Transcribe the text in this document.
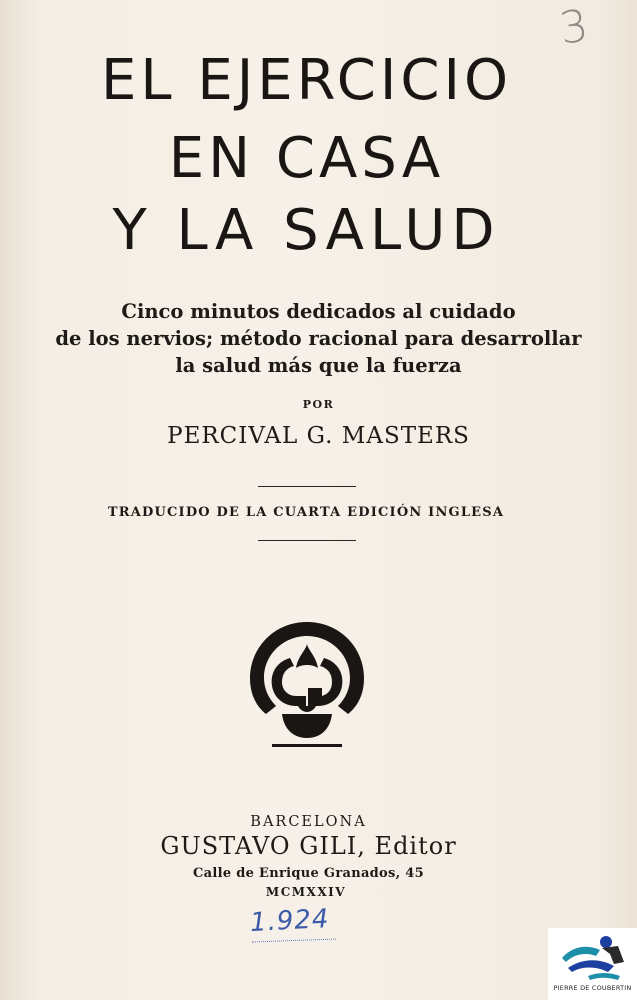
3
EL EJERCICIO
EN CASA
Y LA SALUD
Cinco minutos dedicados al cuidado
de los nervios; método racional para desarrollar
la salud más que la fuerza
POR
PERCIVAL G. MASTERS
TRADUCIDO DE LA CUARTA EDICIÓN INGLESA
BARCELONA
GUSTAVO GILI, Editor
Calle de Enrique Granados, 45
MCMXXIV
1.924
PIERRE DE COUBERTIN
